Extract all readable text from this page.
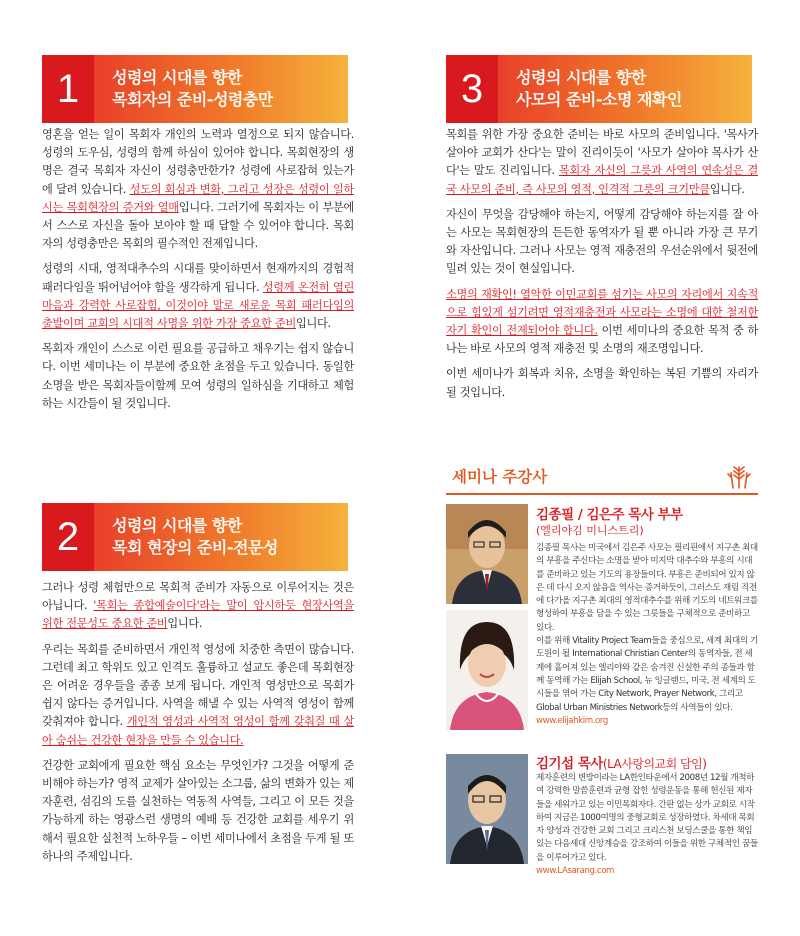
1	성령의 시대를 향한
목회자의 준비-성령충만

영혼을 얻는 일이 목회자 개인의 노력과 열정으로 되지 않습니다. 성령의 도우심, 성령의 함께 하심이 있어야 합니다. 목회현장의 생명은 결국 목회자 자신이 성령충만한가? 성령에 사로잡혀 있는가에 달려 있습니다. 성도의 회심과 변화, 그리고 성장은 성령이 일하시는 목회현장의 증거와 열매입니다. 그러기에 목회자는 이 부분에서 스스로 자신을 돌아 보아야 할 때 답할 수 있어야 합니다. 목회자의 성령충만은 목회의 필수적인 전제입니다.

성령의 시대, 영적대추수의 시대를 맞이하면서 현재까지의 경험적 패러다임을 뛰어넘어야 함을 생각하게 됩니다. 성령께 온전히 열린 마음과 강력한 사로잡힘, 이것이야 말로 새로운 목회 패러다임의 출발이며 교회의 시대적 사명을 위한 가장 중요한 준비입니다.

목회자 개인이 스스로 이런 필요를 공급하고 채우기는 쉽지 않습니다. 이번 세미나는 이 부분에 중요한 초점을 두고 있습니다. 동일한 소명을 받은 목회자들이함께 모여 성령의 일하심을 기대하고 체험하는 시간들이 될 것입니다.

2	성령의 시대를 향한
목회 현장의 준비-전문성

그러나 성령 체험만으로 목회적 준비가 자동으로 이루어지는 것은 아닙니다. '목회는 종합예술이다'라는 말이 암시하듯 현장사역을 위한 전문성도 중요한 준비입니다.

우리는 목회를 준비하면서 개인적 영성에 치중한 측면이 많습니다. 그런데 최고 학위도 있고 인격도 훌륭하고 설교도 좋은데 목회현장은 어려운 경우들을 종종 보게 됩니다. 개인적 영성만으로 목회가 쉽지 않다는 증거입니다. 사역을 해낼 수 있는 사역적 영성이 함께 갖춰져야 합니다. 개인적 영성과 사역적 영성이 함께 갖춰질 때 살아 숨쉬는 건강한 현장을 만들 수 있습니다.

건강한 교회에게 필요한 핵심 요소는 무엇인가? 그것을 어떻게 준비해야 하는가? 영적 교제가 살아있는 소그룹, 삶의 변화가 있는 제자훈련, 섬김의 도를 실천하는 역동적 사역들, 그리고 이 모든 것을 가능하게 하는 영광스런 생명의 예배 등 건강한 교회를 세우기 위해서 필요한 실천적 노하우들 – 이번 세미나에서 초점을 두게 될 또 하나의 주제입니다.

3	성령의 시대를 향한
사모의 준비-소명 재확인

목회를 위한 가장 중요한 준비는 바로 사모의 준비입니다. '목사가 살아야 교회가 산다'는 말이 진리이듯이 '사모가 살아야 목사가 산다'는 말도 진리입니다. 목회자 자신의 그릇과 사역의 연속성은 결국 사모의 준비, 즉 사모의 영적, 인격적 그릇의 크기만큼입니다.

자신이 무엇을 감당해야 하는지, 어떻게 감당해야 하는지를 잘 아는 사모는 목회현장의 든든한 동역자가 될 뿐 아니라 가장 큰 무기와 자산입니다. 그러나 사모는 영적 재충전의 우선순위에서 뒷전에 밀려 있는 것이 현실입니다.

소명의 재확인! 열악한 이민교회를 섬기는 사모의 자리에서 지속적으로 힘있게 섬기려면 영적재충전과 사모라는 소명에 대한 철저한 자기 확인이 전제되어야 합니다. 이번 세미나의 중요한 목적 중 하나는 바로 사모의 영적 재충전 및 소명의 재조명입니다.

이번 세미나가 회복과 치유, 소명을 확인하는 복된 기쁨의 자리가 될 것입니다.

세미나 주강사
김종필 / 김은주 목사 부부
(엘리야김 미니스트리)

김종필 목사는 미국에서 김은주 사모는 필리핀에서 지구촌 최대의 부흥을 주신다는 소명을 받아 미지막 대추수와 부흥의 시대를 준비하고 있는 기도의 용장들이다. 부흥은 준비되어 있지 않은 데 다시 오지 않음을 역사는 증거하듯이, 그러스도 재림 직전에 다가올 지구촌 최대의 영적대추수를 위해 기도의 네트워크를 형성하여 부흥을 담을 수 있는 그릇들을 구체적으로 준비하고 있다.

이를 위해 Vitality Project Team들을 중심으로, 세계 최대의 기도원이 될 International Christian Center의 동역자들, 전 세계에 흩어져 있는 엘리야와 같은 숨겨진 신실한 주의 종들과 함께 동역해 가는 Elijah School, 뉴 잉글랜드, 미국, 전 세계의 도시들을 엮어 가는 City Network, Prayer Network, 그리고 Global Urban Ministries Network등의 사역들이 있다.

www.elijahkim.org

김기섭 목사(LA사랑의교회 담임)

제자훈련의 변방이라는 LA한인타운에서 2008년 12월 개척하여 강력한 말씀훈련과 균형 잡힌 성령운동을 통해 헌신된 제자들을 세워가고 있는 이민목회자다. 간판 없는 상가 교회로 시작하여 지금은 1000여명의 중형교회로 성장하였다. 차세대 목회자 양성과 건강한 교회 그리고 크리스천 보딩스쿨을 통한 책임 있는 다음세대 신앙계승을 강조하여 이들을 위한 구체적인 꿈들을 이루어가고 있다.

www.LAsarang.com
